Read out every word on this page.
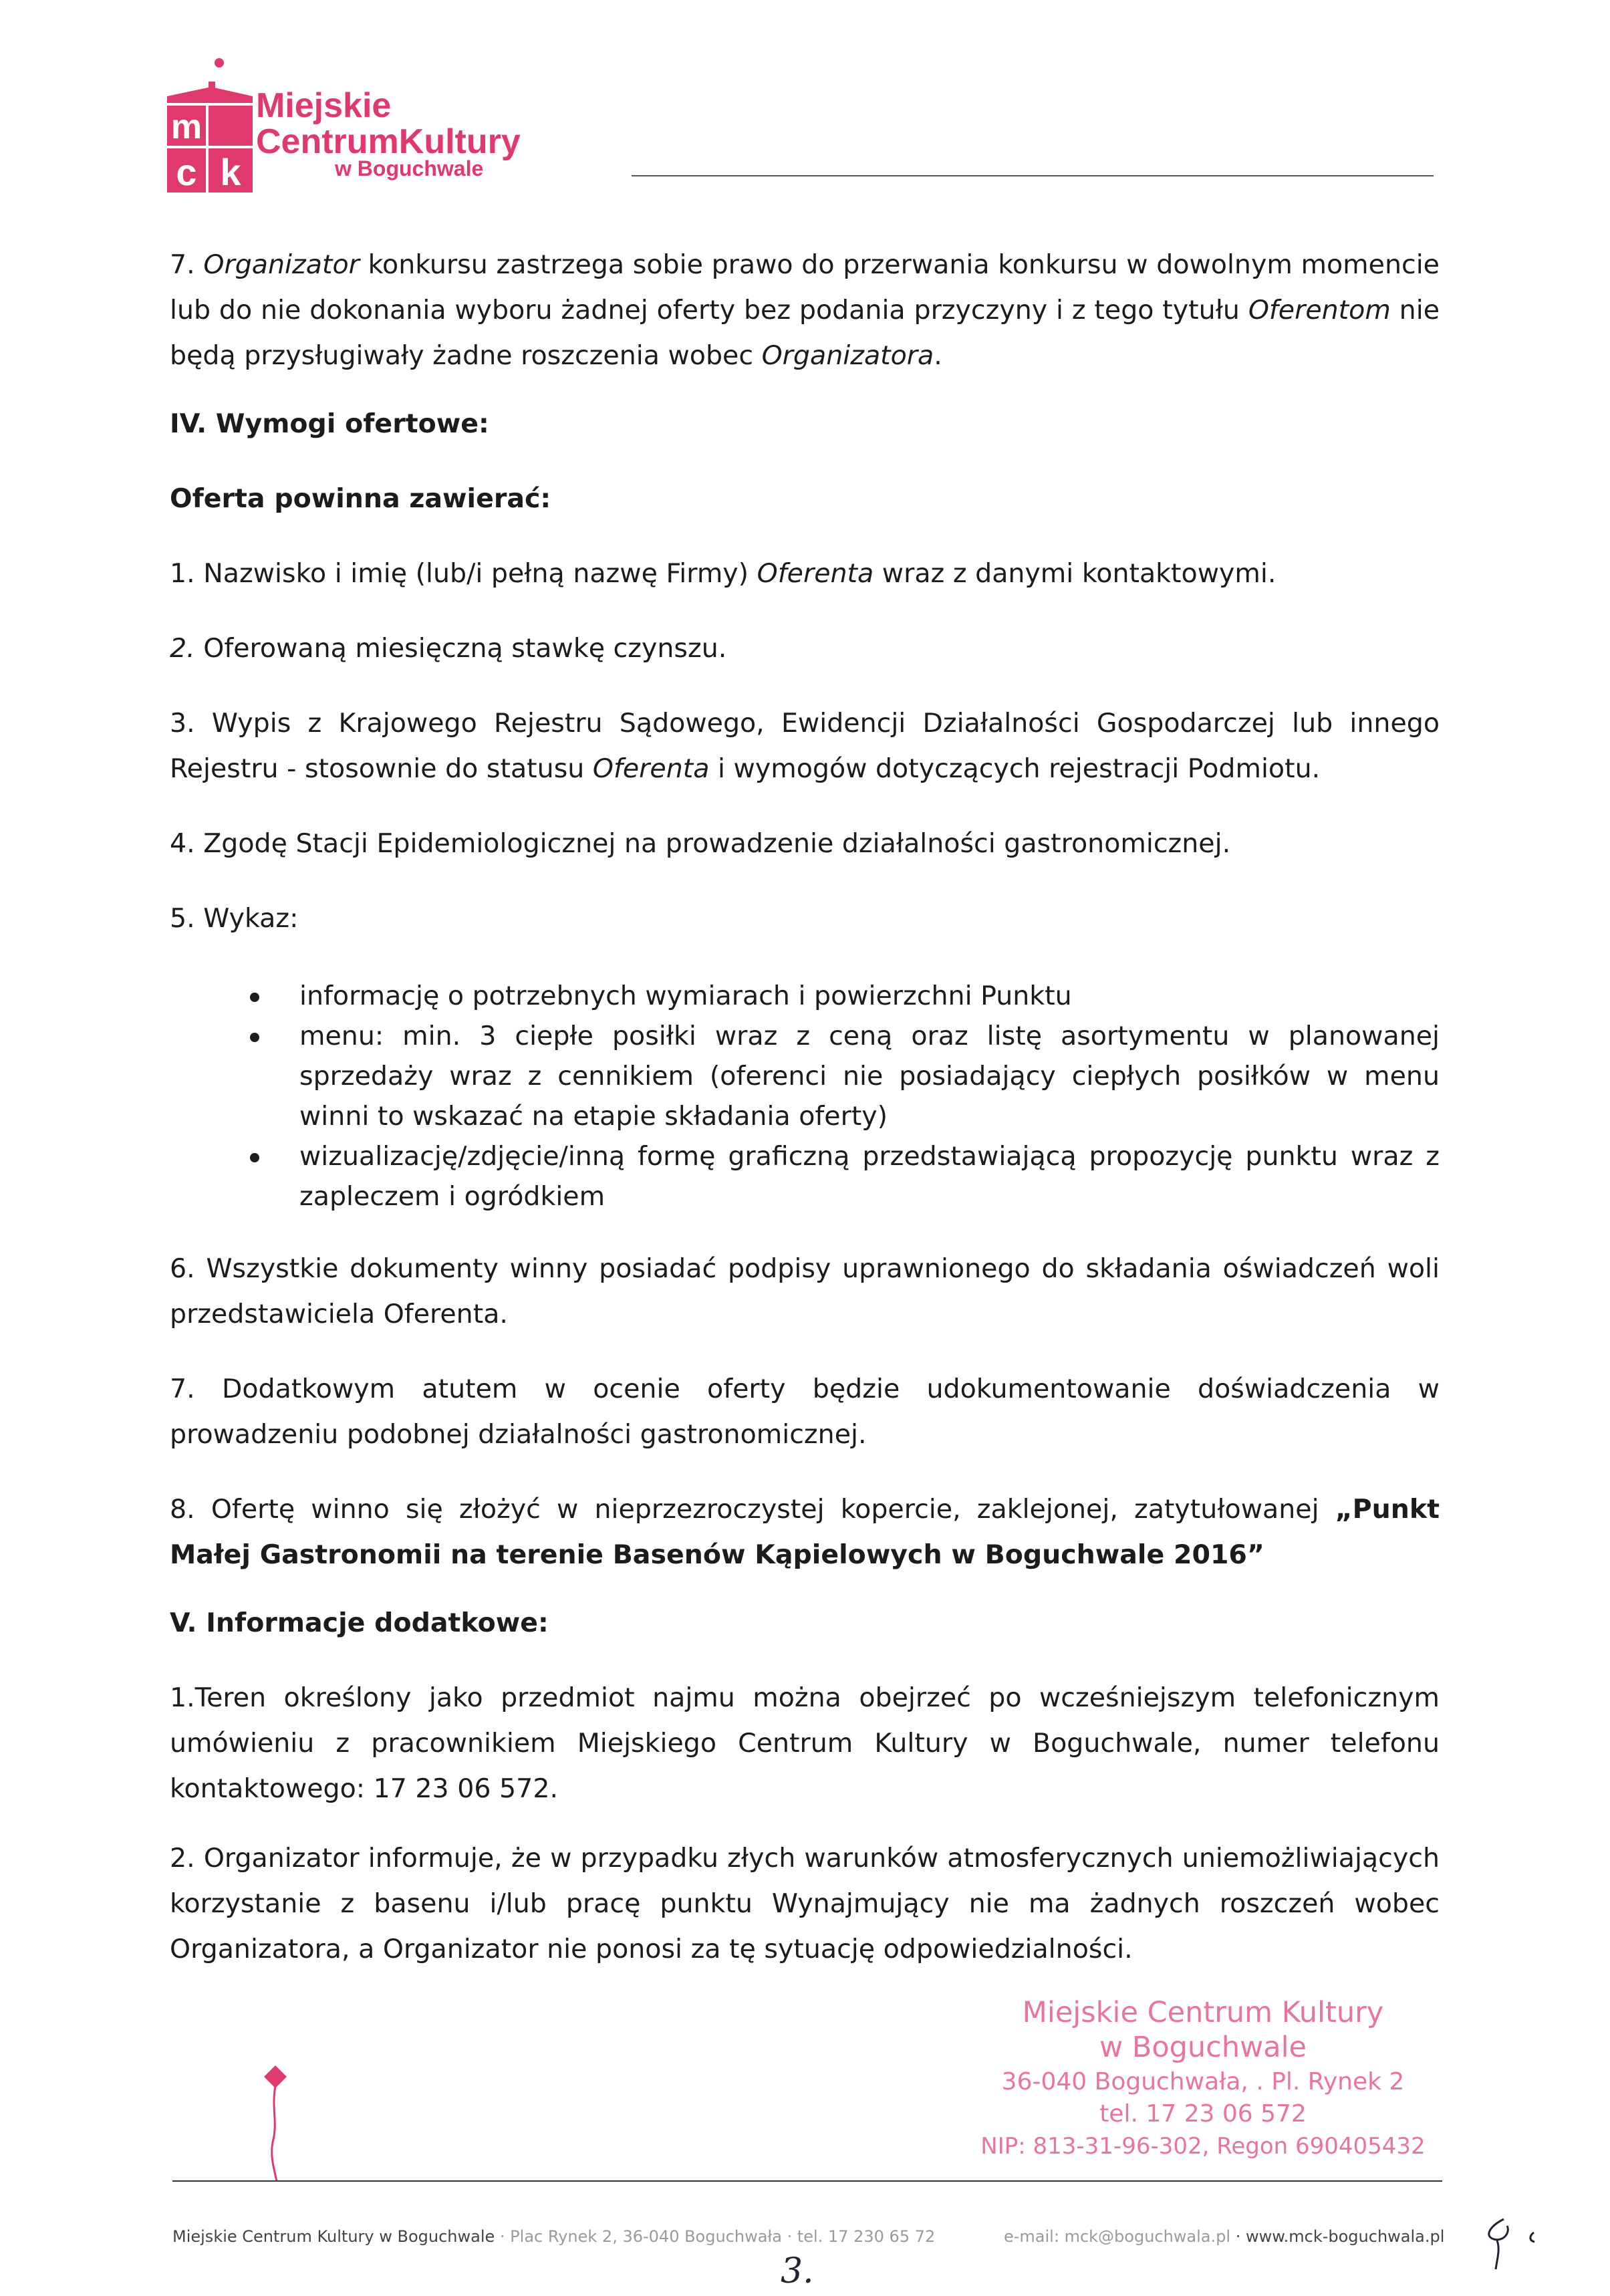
m
c k
Miejskie
CentrumKultury
w Boguchwale

7. Organizator konkursu zastrzega sobie prawo do przerwania konkursu w dowolnym momencie lub do nie dokonania wyboru żadnej oferty bez podania przyczyny i z tego tytułu Oferentom nie będą przysługiwały żadne roszczenia wobec Organizatora.

IV. Wymogi ofertowe:

Oferta powinna zawierać:

1. Nazwisko i imię (lub/i pełną nazwę Firmy) Oferenta wraz z danymi kontaktowymi.

2. Oferowaną miesięczną stawkę czynszu.

3. Wypis z Krajowego Rejestru Sądowego, Ewidencji Działalności Gospodarczej lub innego Rejestru - stosownie do statusu Oferenta i wymogów dotyczących rejestracji Podmiotu.

4. Zgodę Stacji Epidemiologicznej na prowadzenie działalności gastronomicznej.

5. Wykaz:

informację o potrzebnych wymiarach i powierzchni Punktu
menu: min. 3 ciepłe posiłki wraz z ceną oraz listę asortymentu w planowanej sprzedaży wraz z cennikiem (oferenci nie posiadający ciepłych posiłków w menu winni to wskazać na etapie składania oferty)
wizualizację/zdjęcie/inną formę graficzną przedstawiającą propozycję punktu wraz z zapleczem i ogródkiem

6. Wszystkie dokumenty winny posiadać podpisy uprawnionego do składania oświadczeń woli przedstawiciela Oferenta.

7. Dodatkowym atutem w ocenie oferty będzie udokumentowanie doświadczenia w prowadzeniu podobnej działalności gastronomicznej.

8. Ofertę winno się złożyć w nieprzezroczystej kopercie, zaklejonej, zatytułowanej „Punkt Małej Gastronomii na terenie Basenów Kąpielowych w Boguchwale 2016”

V. Informacje dodatkowe:

1.Teren określony jako przedmiot najmu można obejrzeć po wcześniejszym telefonicznym umówieniu z pracownikiem Miejskiego Centrum Kultury w Boguchwale, numer telefonu kontaktowego: 17 23 06 572.

2. Organizator informuje, że w przypadku złych warunków atmosferycznych uniemożliwiających korzystanie z basenu i/lub pracę punktu Wynajmujący nie ma żadnych roszczeń wobec Organizatora, a Organizator nie ponosi za tę sytuację odpowiedzialności.

Miejskie Centrum Kultury
w Boguchwale
36-040 Boguchwała, . Pl. Rynek 2
tel. 17 23 06 572
NIP: 813-31-96-302, Regon 690405432
Miejskie Centrum Kultury w Boguchwale · Plac Rynek 2, 36-040 Boguchwała · tel. 17 230 65 72	e-mail: mck@boguchwala.pl · www.mck-boguchwala.pl
3.
